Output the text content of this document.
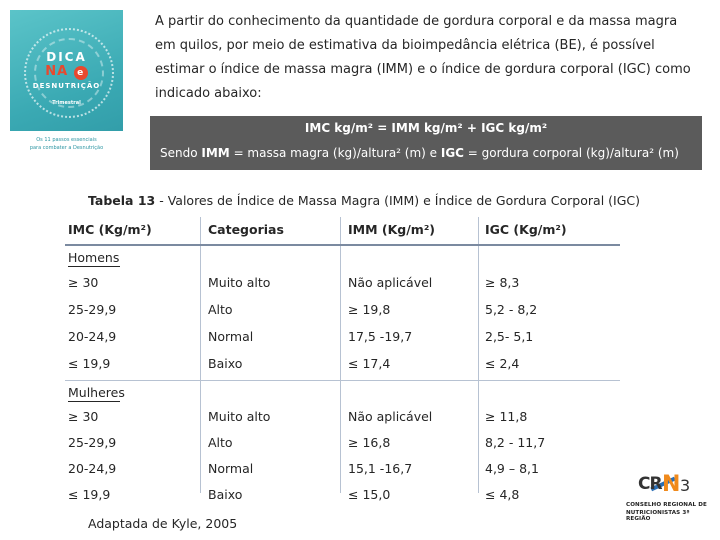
DICA
NA e
DESNUTRIÇÃO
Trimestral
Os 11 passos essenciais
para combater a Desnutrição

A partir do conhecimento da quantidade de gordura corporal e da massa magra em quilos, por meio de estimativa da bioimpedância elétrica (BE), é possível estimar o índice de massa magra (IMM) e o índice de gordura corporal (IGC) como indicado abaixo:

IMC kg/m² = IMM kg/m² + IGC kg/m²
Sendo IMM = massa magra (kg)/altura² (m) e IGC = gordura corporal (kg)/altura² (m)
Tabela 13 - Valores de Índice de Massa Magra (IMM) e Índice de Gordura Corporal (IGC)
IMC (Kg/m²)	Categorias	IMM (Kg/m²)	IGC (Kg/m²)
Homens
≥ 30	Muito alto	Não aplicável	≥ 8,3
25-29,9	Alto	≥ 19,8	5,2 - 8,2
20-24,9	Normal	17,5 -19,7	2,5- 5,1
≤ 19,9	Baixo	≤ 17,4	≤ 2,4
Mulheres
≥ 30	Muito alto	Não aplicável	≥ 11,8
25-29,9	Alto	≥ 16,8	8,2 - 11,7
20-24,9	Normal	15,1 -16,7	4,9 – 8,1
≤ 19,9	Baixo	≤ 15,0	≤ 4,8
Adaptada de Kyle, 2005
CR N 3
CONSELHO REGIONAL DE
NUTRICIONISTAS 3ª REGIÃO
